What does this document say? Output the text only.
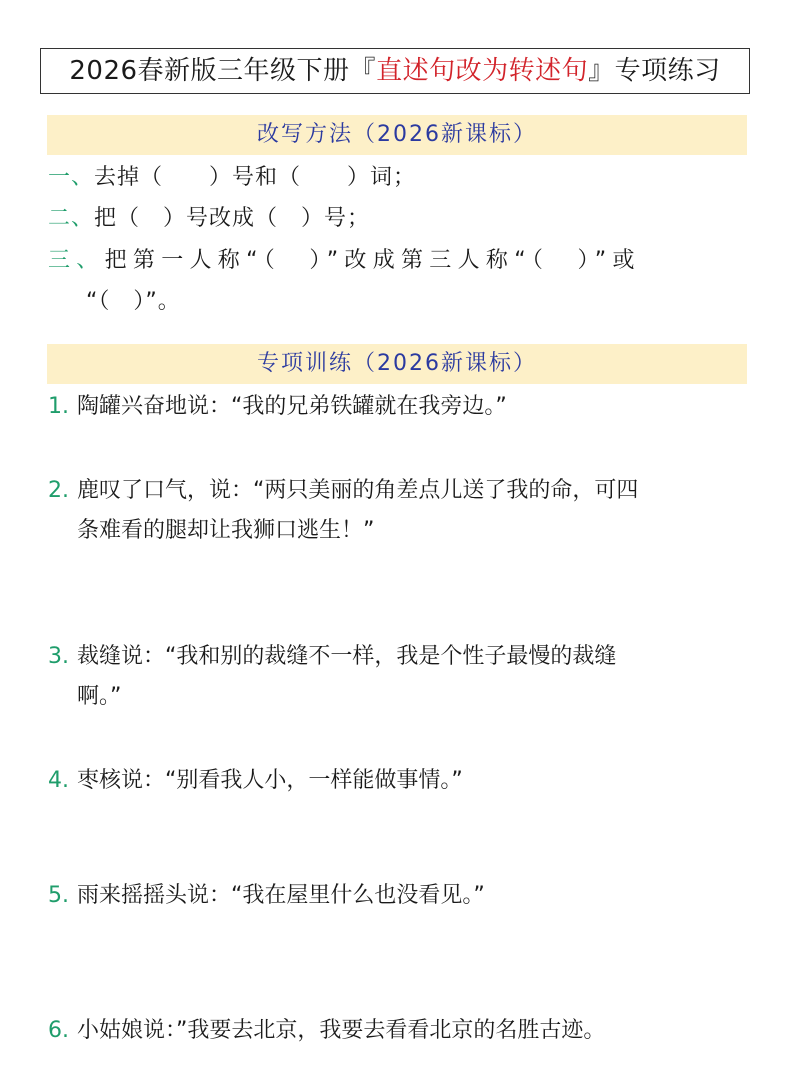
2026春新版三年级下册『直述句改为转述句』专项练习
改写方法（2026新课标）
一、去掉（　　）号和（　　）词；
二、把（　）号改成（　）号；
三、把第一人称“（　）”改成第三人称“（　）”或
“（　）”。
专项训练（2026新课标）
1. 陶罐兴奋地说：“我的兄弟铁罐就在我旁边。”
2. 鹿叹了口气，说：“两只美丽的角差点儿送了我的命，可四
条难看的腿却让我狮口逃生！”
3. 裁缝说：“我和别的裁缝不一样，我是个性子最慢的裁缝
啊。”
4. 枣核说：“别看我人小，一样能做事情。”
5. 雨来摇摇头说：“我在屋里什么也没看见。”
6. 小姑娘说：”我要去北京，我要去看看北京的名胜古迹。
